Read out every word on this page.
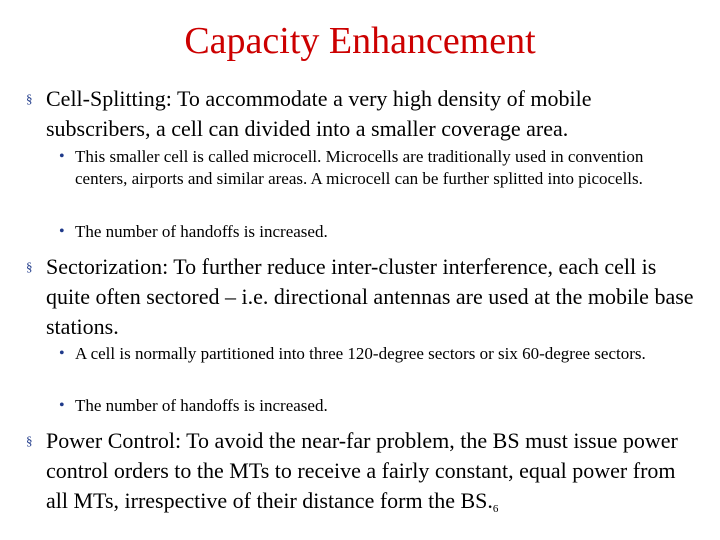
Capacity Enhancement
§ Cell-Splitting: To accommodate a very high density of mobile subscribers, a cell can divided into a smaller coverage area.
• This smaller cell is called microcell. Microcells are traditionally used in convention centers, airports and similar areas. A microcell can be further splitted into picocells.
• The number of handoffs is increased.
§ Sectorization: To further reduce inter-cluster interference, each cell is quite often sectored – i.e. directional antennas are used at the mobile base stations.
• A cell is normally partitioned into three 120-degree sectors or six 60-degree sectors.
• The number of handoffs is increased.
§ Power Control: To avoid the near-far problem, the BS must issue power control orders to the MTs to receive a fairly constant, equal power from all MTs, irrespective of their distance form the BS.6
